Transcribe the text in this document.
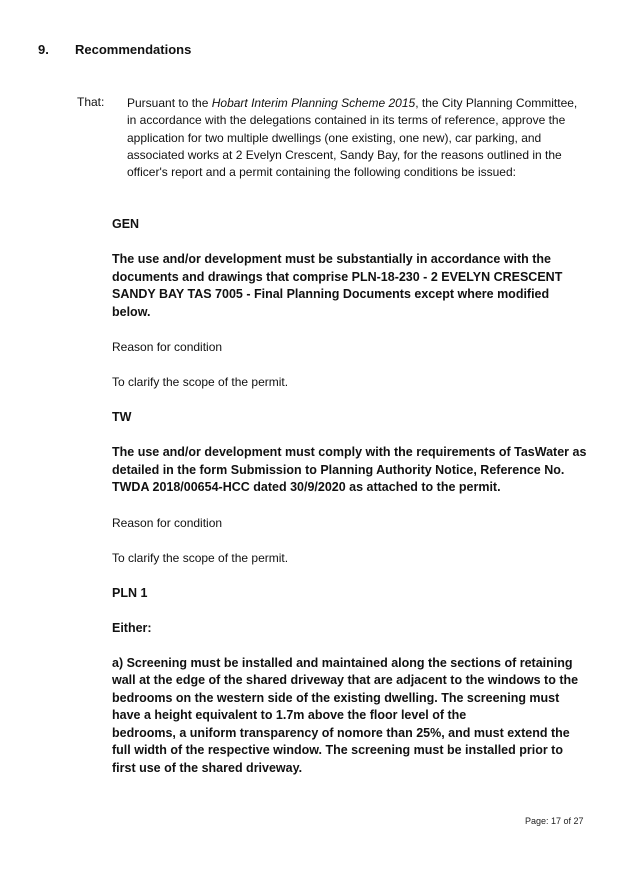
9. Recommendations
That: Pursuant to the Hobart Interim Planning Scheme 2015, the City Planning Committee, in accordance with the delegations contained in its terms of reference, approve the application for two multiple dwellings (one existing, one new), car parking, and associated works at 2 Evelyn Crescent, Sandy Bay, for the reasons outlined in the officer's report and a permit containing the following conditions be issued:

GEN

The use and/or development must be substantially in accordance with the documents and drawings that comprise PLN-18-230 - 2 EVELYN CRESCENT SANDY BAY TAS 7005 - Final Planning Documents except where modified below.

Reason for condition

To clarify the scope of the permit.

TW

The use and/or development must comply with the requirements of TasWater as detailed in the form Submission to Planning Authority Notice, Reference No. TWDA 2018/00654-HCC dated 30/9/2020 as attached to the permit.

Reason for condition

To clarify the scope of the permit.

PLN 1

Either:

a) Screening must be installed and maintained along the sections of retaining wall at the edge of the shared driveway that are adjacent to the windows to the bedrooms on the western side of the existing dwelling. The screening must have a height equivalent to 1.7m above the floor level of the

bedrooms, a uniform transparency of nomore than 25%, and must extend the full width of the respective window. The screening must be installed prior to first use of the shared driveway.

Page: 17 of 27
